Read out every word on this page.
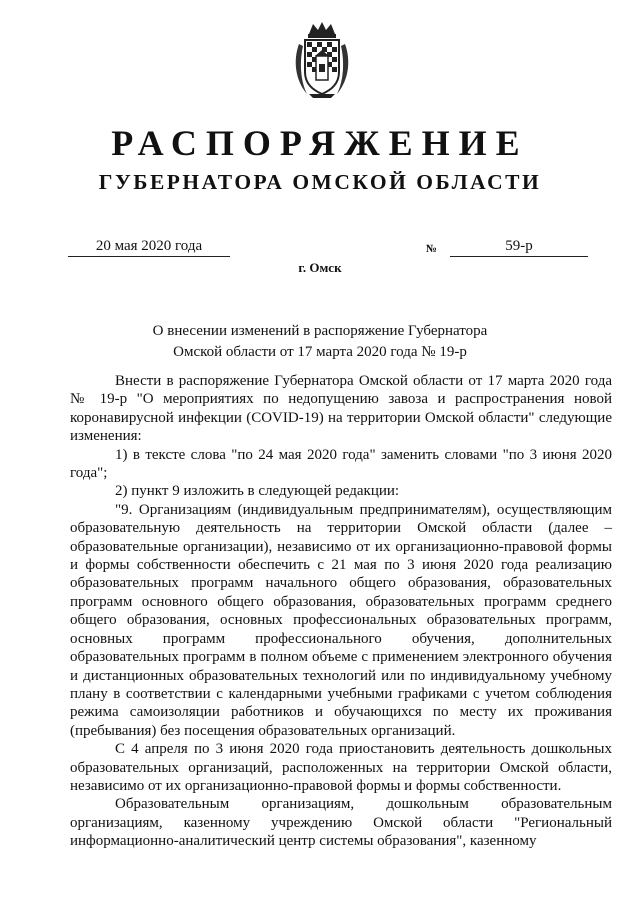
РАСПОРЯЖЕНИЕ
ГУБЕРНАТОРА ОМСКОЙ ОБЛАСТИ
20 мая 2020 года	№	59-р
г. Омск
О внесении изменений в распоряжение Губернатора
Омской области от 17 марта 2020 года № 19-р

Внести в распоряжение Губернатора Омской области от 17 марта 2020 года № 19-р "О мероприятиях по недопущению завоза и распространения новой коронавирусной инфекции (COVID-19) на территории Омской области" следующие изменения:

1) в тексте слова "по 24 мая 2020 года" заменить словами "по 3 июня 2020 года";

2) пункт 9 изложить в следующей редакции:

"9. Организациям (индивидуальным предпринимателям), осуществляющим образовательную деятельность на территории Омской области (далее – образовательные организации), независимо от их организационно-правовой формы и формы собственности обеспечить с 21 мая по 3 июня 2020 года реализацию образовательных программ начального общего образования, образовательных программ основного общего образования, образовательных программ среднего общего образования, основных профессиональных образовательных программ, основных программ профессионального обучения, дополнительных образовательных программ в полном объеме с применением электронного обучения и дистанционных образовательных технологий или по индивидуальному учебному плану в соответствии с календарными учебными графиками с учетом соблюдения режима самоизоляции работников и обучающихся по месту их проживания (пребывания) без посещения образовательных организаций.

С 4 апреля по 3 июня 2020 года приостановить деятельность дошкольных образовательных организаций, расположенных на территории Омской области, независимо от их организационно-правовой формы и формы собственности.

Образовательным организациям, дошкольным образовательным организациям, казенному учреждению Омской области "Региональный информационно-аналитический центр системы образования", казенному
